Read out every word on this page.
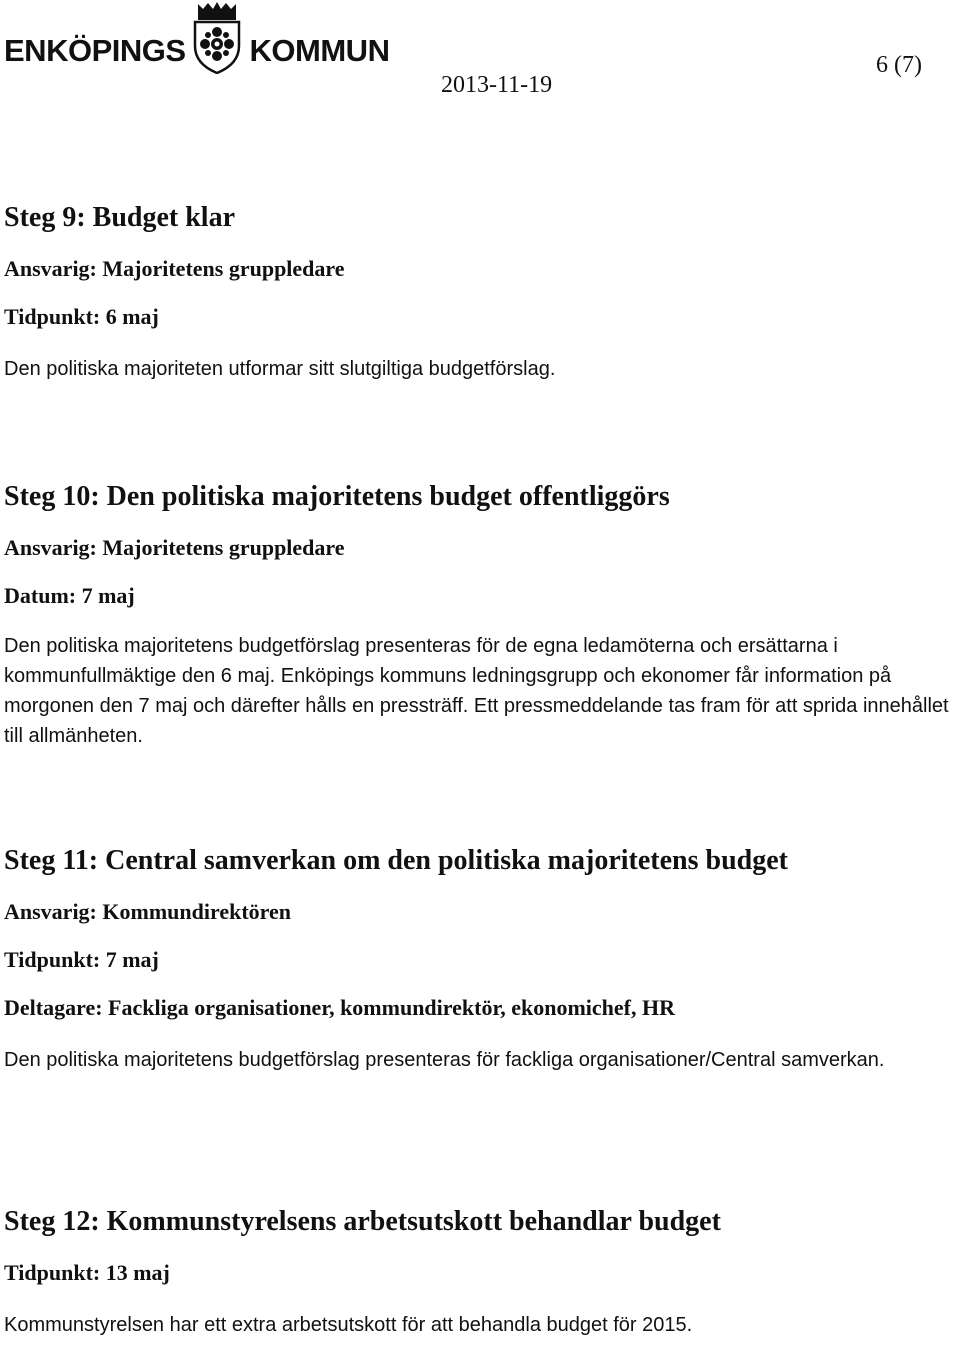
ENKÖPINGS KOMMUN	6 (7)
2013-11-19
Steg 9: Budget klar
Ansvarig: Majoritetens gruppledare
Tidpunkt: 6 maj
Den politiska majoriteten utformar sitt slutgiltiga budgetförslag.
Steg 10: Den politiska majoritetens budget offentliggörs
Ansvarig: Majoritetens gruppledare
Datum: 7 maj
Den politiska majoritetens budgetförslag presenteras för de egna ledamöterna och ersättarna i kommunfullmäktige den 6 maj. Enköpings kommuns ledningsgrupp och ekonomer får information på morgonen den 7 maj och därefter hålls en pressträff. Ett pressmeddelande tas fram för att sprida innehållet till allmänheten.
Steg 11: Central samverkan om den politiska majoritetens budget
Ansvarig: Kommundirektören
Tidpunkt: 7 maj
Deltagare: Fackliga organisationer, kommundirektör, ekonomichef, HR
Den politiska majoritetens budgetförslag presenteras för fackliga organisationer/Central samverkan.
Steg 12: Kommunstyrelsens arbetsutskott behandlar budget
Tidpunkt: 13 maj
Kommunstyrelsen har ett extra arbetsutskott för att behandla budget för 2015.
